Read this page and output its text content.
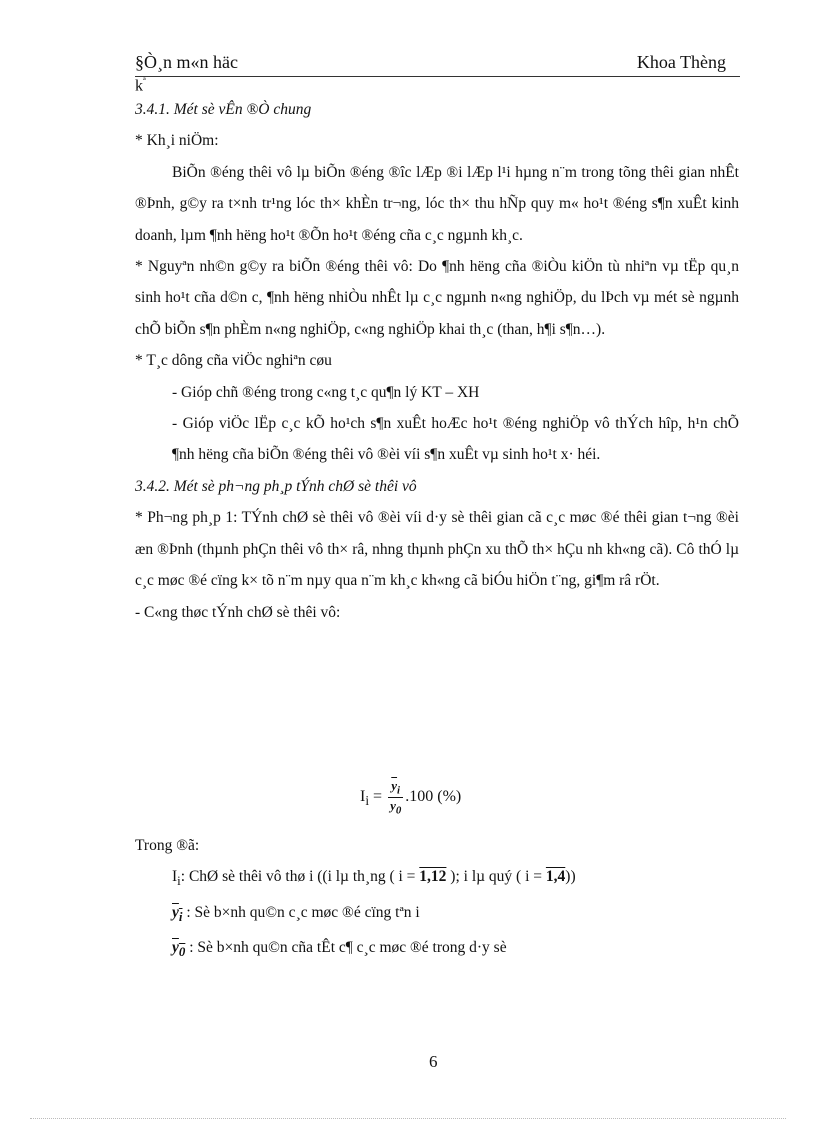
§Ò¸n m«n häc	Khoa Thèng
$k^ª$
3.4.1. Mét sè vÊn ®Ò chung
* Kh¸i niÖm:
BiÕn ®éng thêi vô lµ biÕn ®éng ®îc lÆp ®i lÆp l¹i hµng n¨m trong tõng thêi gian nhÊt ®Þnh, g©y ra t×nh tr¹ng lóc th× khÈn tr¬ng, lóc th× thu hÑp quy m« ho¹t ®éng s¶n xuÊt kinh doanh, lµm ¶nh hëng ho¹t ®Õn ho¹t ®éng cña c¸c ngµnh kh¸c.
* Nguyªn nh©n g©y ra biÕn ®éng thêi vô: Do ¶nh hëng cña ®iÒu kiÖn tù nhiªn vµ tËp qu¸n sinh ho¹t cña d©n c, ¶nh hëng nhiÒu nhÊt lµ c¸c ngµnh n«ng nghiÖp, du lÞch vµ mét sè ngµnh chÕ biÕn s¶n phÈm n«ng nghiÖp, c«ng nghiÖp khai th¸c (than, h¶i s¶n…).
* T¸c dông cña viÖc nghiªn cøu
- Gióp chñ ®éng trong c«ng t¸c qu¶n lý KT – XH
- Gióp viÖc lËp c¸c kÕ ho¹ch s¶n xuÊt hoÆc ho¹t ®éng nghiÖp vô thÝch hîp, h¹n chÕ ¶nh hëng cña biÕn ®éng thêi vô ®èi víi s¶n xuÊt vµ sinh ho¹t x· héi.
3.4.2. Mét sè ph¬ng ph¸p tÝnh chØ sè thêi vô
* Ph¬ng ph¸p 1: TÝnh chØ sè thêi vô ®èi víi d·y sè thêi gian cã c¸c møc ®é thêi gian t¬ng ®èi æn ®Þnh (thµnh phÇn thêi vô th× râ, nhng thµnh phÇn xu thÕ th× hÇu nh kh«ng cã). Cô thÓ lµ c¸c møc ®é cïng k× tõ n¨m nµy qua n¨m kh¸c kh«ng cã biÓu hiÖn t¨ng, gi¶m râ rÖt.
- C«ng thøc tÝnh chØ sè thêi vô:
$I_i = \frac{\overline{y}_i}{\overline{y}_0} .100$ (%)
Trong ®ã:
$I_i$: ChØ sè thêi vô thø i ((i lµ th¸ng ( i = 1,12 ); i lµ quý ( i = 1,4))
$y_i$ : Sè b×nh qu©n c¸c møc ®é cïng tªn i
$y_0$ : Sè b×nh qu©n cña tÊt c¶ c¸c møc ®é trong d·y sè
6
